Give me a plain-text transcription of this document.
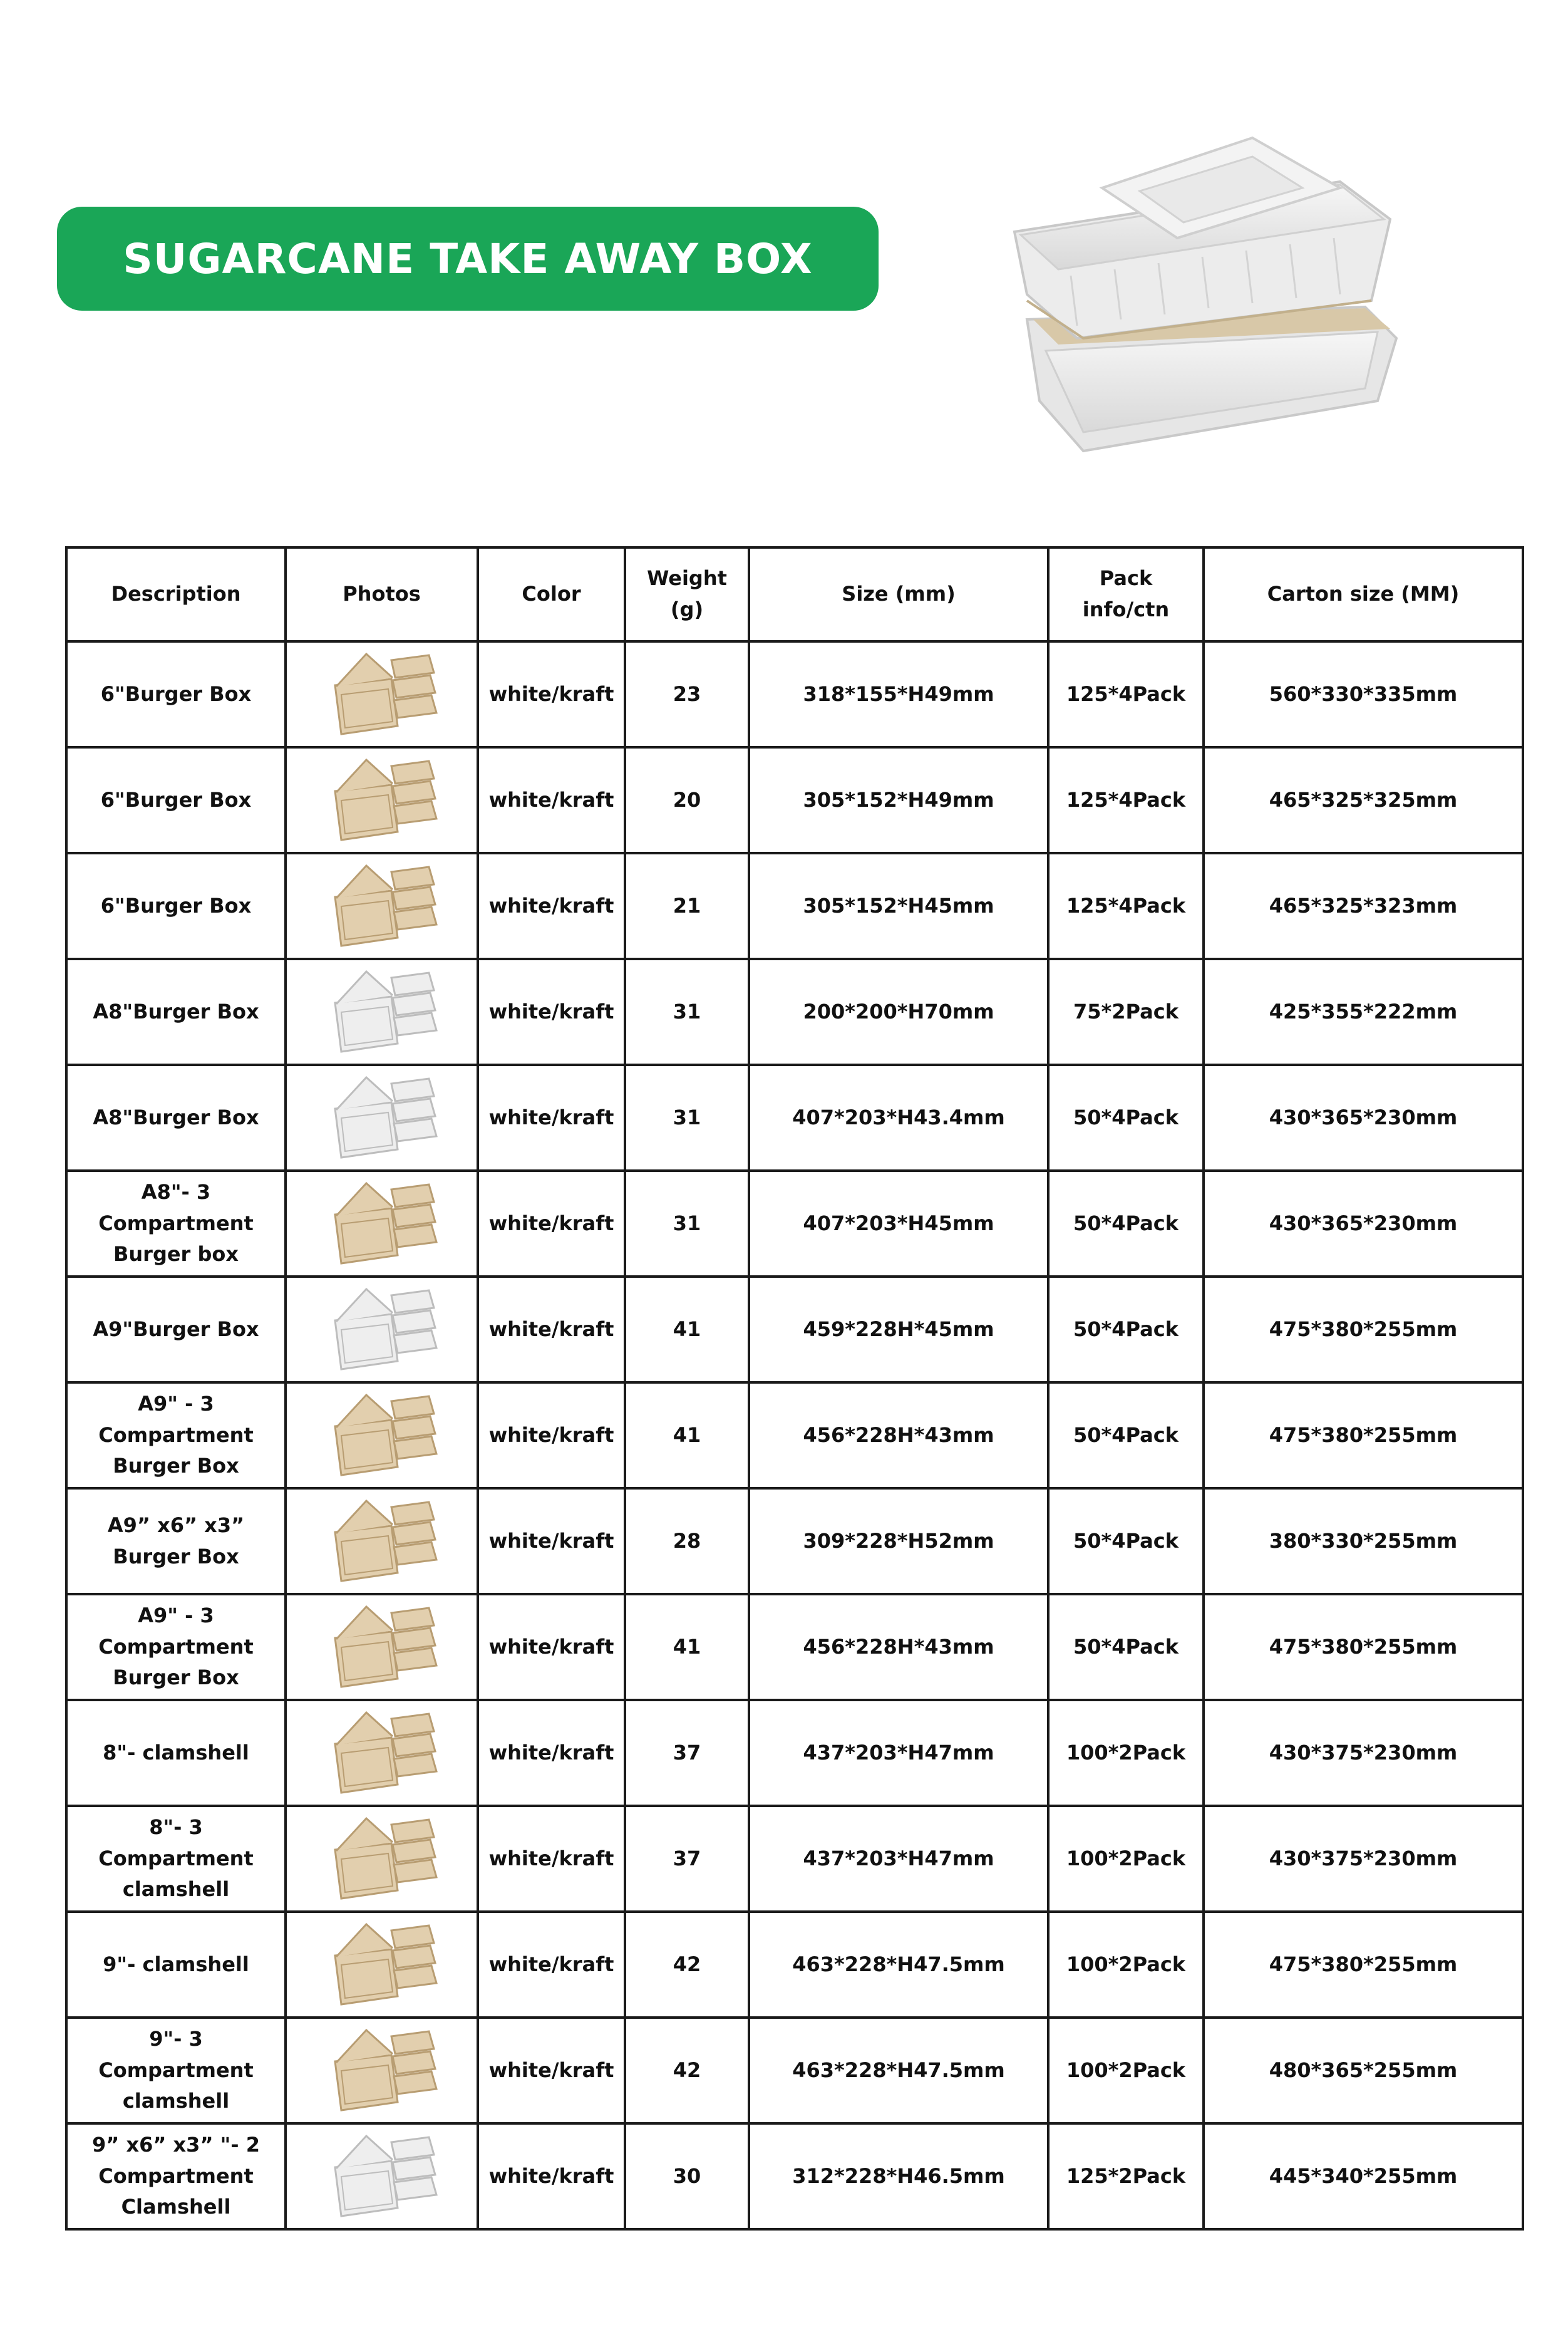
SUGARCANE TAKE AWAY BOX
Description	Photos	Color	Weight (g)	Size (mm)	Pack info/ctn	Carton size (MM)
6"Burger Box		white/kraft	23	318*155*H49mm	125*4Pack	560*330*335mm
6"Burger Box		white/kraft	20	305*152*H49mm	125*4Pack	465*325*325mm
6"Burger Box		white/kraft	21	305*152*H45mm	125*4Pack	465*325*323mm
A8"Burger Box		white/kraft	31	200*200*H70mm	75*2Pack	425*355*222mm
A8"Burger Box		white/kraft	31	407*203*H43.4mm	50*4Pack	430*365*230mm
A8"- 3 Compartment Burger box		white/kraft	31	407*203*H45mm	50*4Pack	430*365*230mm
A9"Burger Box		white/kraft	41	459*228H*45mm	50*4Pack	475*380*255mm
A9" - 3 Compartment Burger Box		white/kraft	41	456*228H*43mm	50*4Pack	475*380*255mm
A9” x6” x3” Burger Box		white/kraft	28	309*228*H52mm	50*4Pack	380*330*255mm
A9" - 3 Compartment Burger Box		white/kraft	41	456*228H*43mm	50*4Pack	475*380*255mm
8"- clamshell		white/kraft	37	437*203*H47mm	100*2Pack	430*375*230mm
8"- 3 Compartment clamshell		white/kraft	37	437*203*H47mm	100*2Pack	430*375*230mm
9"- clamshell		white/kraft	42	463*228*H47.5mm	100*2Pack	475*380*255mm
9"- 3 Compartment clamshell		white/kraft	42	463*228*H47.5mm	100*2Pack	480*365*255mm
9” x6” x3” "- 2 Compartment Clamshell		white/kraft	30	312*228*H46.5mm	125*2Pack	445*340*255mm
